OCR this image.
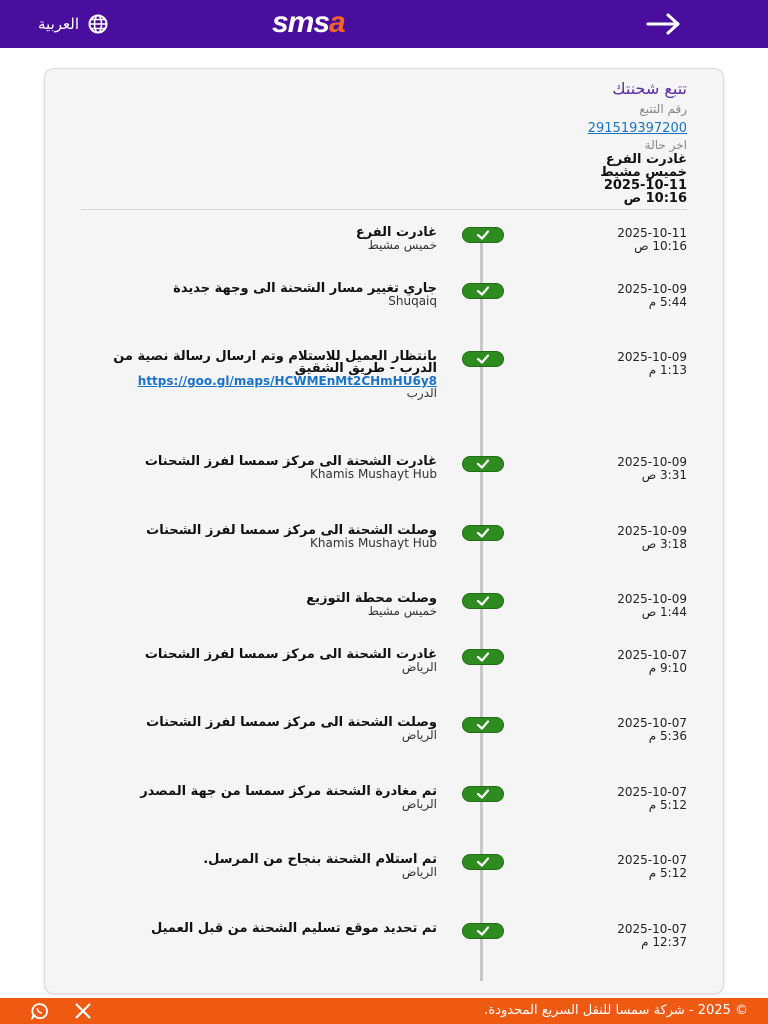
العربية	smsa
تتبع شحنتك
رقم التتبع
291519397200
اخر حالة
غادرت الفرع
خميس مشيط
2025-10-11
10:16 ص
غادرت الفرع
خميس مشيط
2025-10-11
10:16 ص
جاري تغيير مسار الشحنة الى وجهة جديدة
Shuqaiq
2025-10-09
5:44 م
بانتظار العميل للاستلام وتم ارسال رسالة نصية من الدرب - طريق الشقيق
https://goo.gl/maps/HCWMEnMt2CHmHU6y8
الدرب
2025-10-09
1:13 م
غادرت الشحنة الى مركز سمسا لفرز الشحنات
Khamis Mushayt Hub
2025-10-09
3:31 ص
وصلت الشحنة الى مركز سمسا لفرز الشحنات
Khamis Mushayt Hub
2025-10-09
3:18 ص
وصلت محطة التوزيع
خميس مشيط
2025-10-09
1:44 ص
غادرت الشحنة الى مركز سمسا لفرز الشحنات
الرياض
2025-10-07
9:10 م
وصلت الشحنة الى مركز سمسا لفرز الشحنات
الرياض
2025-10-07
5:36 م
تم مغادرة الشحنة مركز سمسا من جهة المصدر
الرياض
2025-10-07
5:12 م
تم استلام الشحنة بنجاح من المرسل.
الرياض
2025-10-07
5:12 م
تم تحديد موقع تسليم الشحنة من قبل العميل	2025-10-07
12:37 م
© 2025 - شركة سمسا للنقل السريع المحدودة.
